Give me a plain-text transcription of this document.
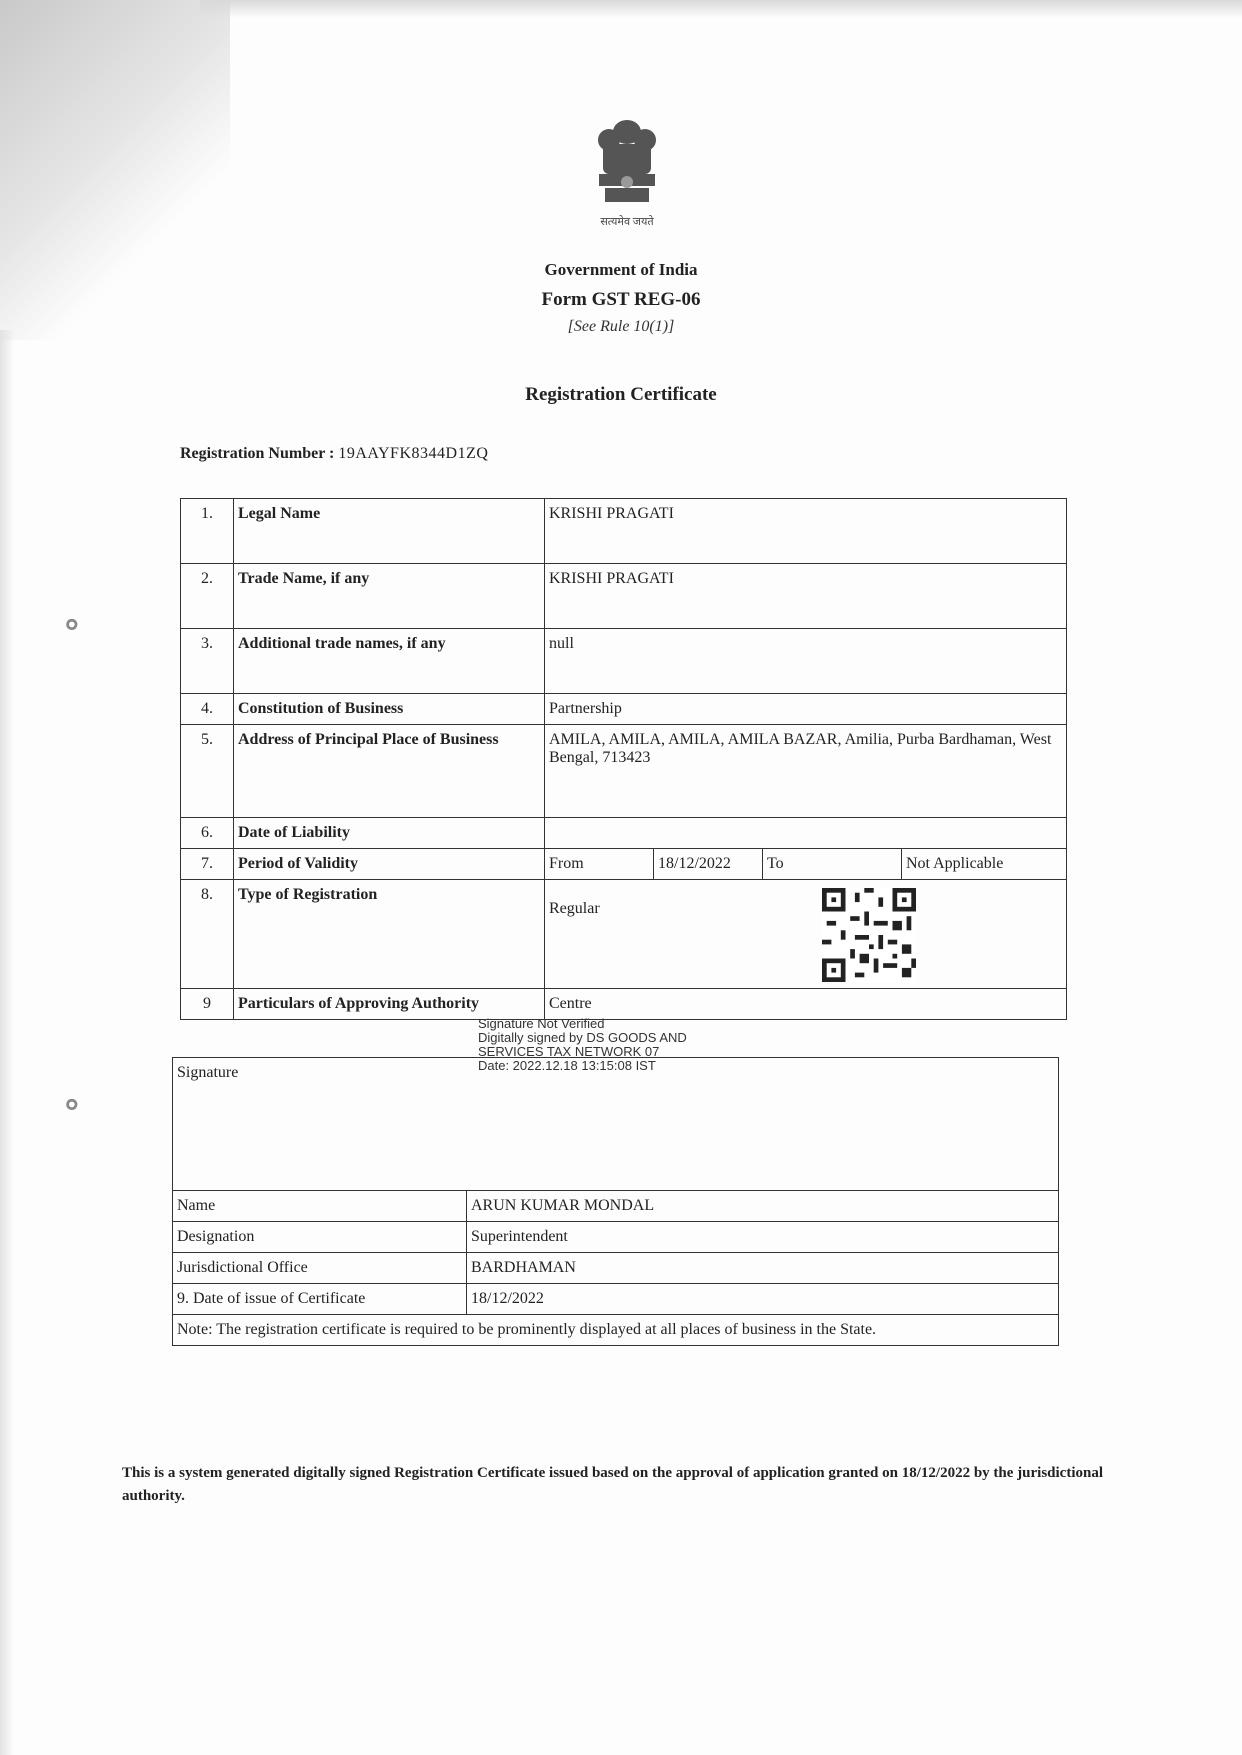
सत्यमेव जयते
Government of India
Form GST REG-06
[See Rule 10(1)]
Registration Certificate
Registration Number : 19AAYFK8344D1ZQ
1.	Legal Name	KRISHI PRAGATI			
2.	Trade Name, if any	KRISHI PRAGATI			
3.	Additional trade names, if any	null			
4.	Constitution of Business	Partnership			
5.	Address of Principal Place of Business	AMILA, AMILA, AMILA, AMILA BAZAR, Amilia, Purba Bardhaman, West Bengal, 713423			
6.	Date of Liability				
7.	Period of Validity	From	18/12/2022	To	Not Applicable
8.	Type of Registration	Regular			

9	Particulars of Approving Authority	Centre			
Signature	
Name	ARUN KUMAR MONDAL
Designation	Superintendent
Jurisdictional Office	BARDHAMAN
9. Date of issue of Certificate	18/12/2022
Note: The registration certificate is required to be prominently displayed at all places of business in the State.	
Signature Not Verified
Digitally signed by DS GOODS AND
SERVICES TAX NETWORK 07
Date: 2022.12.18 13:15:08 IST
This is a system generated digitally signed Registration Certificate issued based on the approval of application granted on 18/12/2022 by the jurisdictional authority.
∘
∘
